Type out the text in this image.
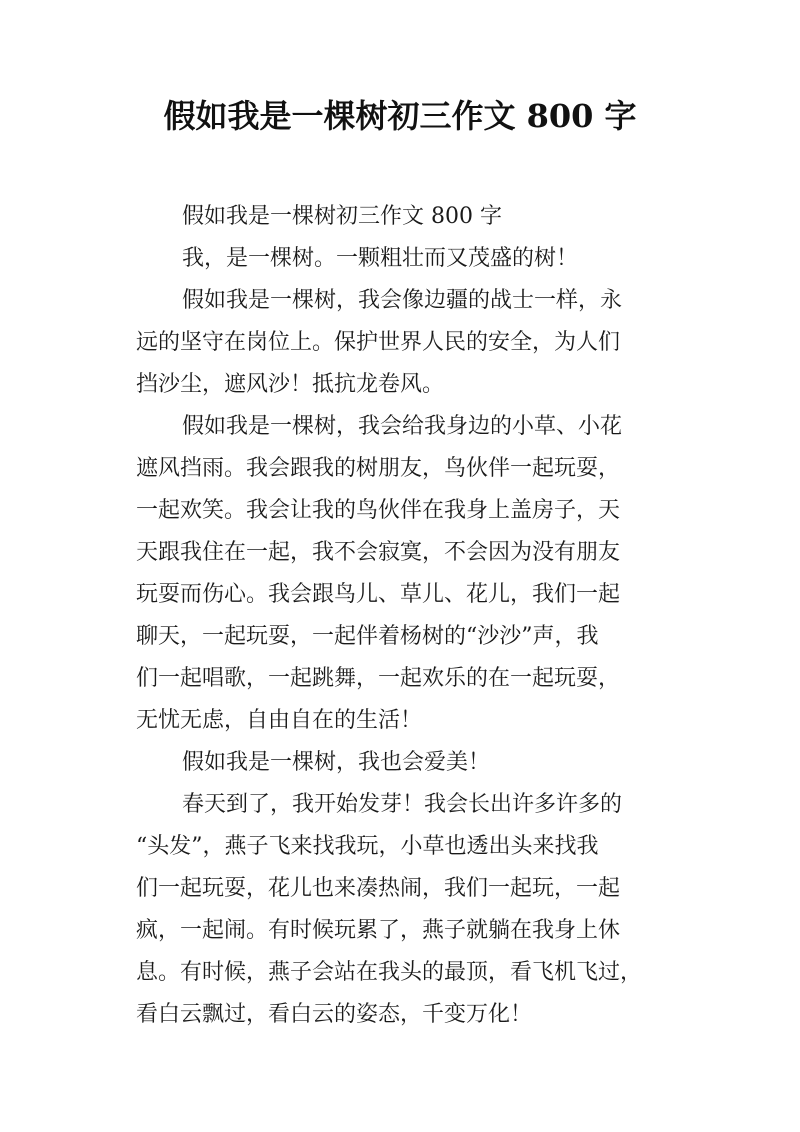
假如我是一棵树初三作文 800 字
假如我是一棵树初三作文 800 字
我，是一棵树。一颗粗壮而又茂盛的树！
假如我是一棵树，我会像边疆的战士一样，永
远的坚守在岗位上。保护世界人民的安全，为人们
挡沙尘，遮风沙！抵抗龙卷风。
假如我是一棵树，我会给我身边的小草、小花
遮风挡雨。我会跟我的树朋友，鸟伙伴一起玩耍，
一起欢笑。我会让我的鸟伙伴在我身上盖房子，天
天跟我住在一起，我不会寂寞，不会因为没有朋友
玩耍而伤心。我会跟鸟儿、草儿、花儿，我们一起
聊天，一起玩耍，一起伴着杨树的“沙沙”声，我
们一起唱歌，一起跳舞，一起欢乐的在一起玩耍，
无忧无虑，自由自在的生活！
假如我是一棵树，我也会爱美！
春天到了，我开始发芽！我会长出许多许多的
“头发”，燕子飞来找我玩，小草也透出头来找我
们一起玩耍，花儿也来凑热闹，我们一起玩，一起
疯，一起闹。有时候玩累了，燕子就躺在我身上休
息。有时候，燕子会站在我头的最顶，看飞机飞过，
看白云飘过，看白云的姿态，千变万化！
